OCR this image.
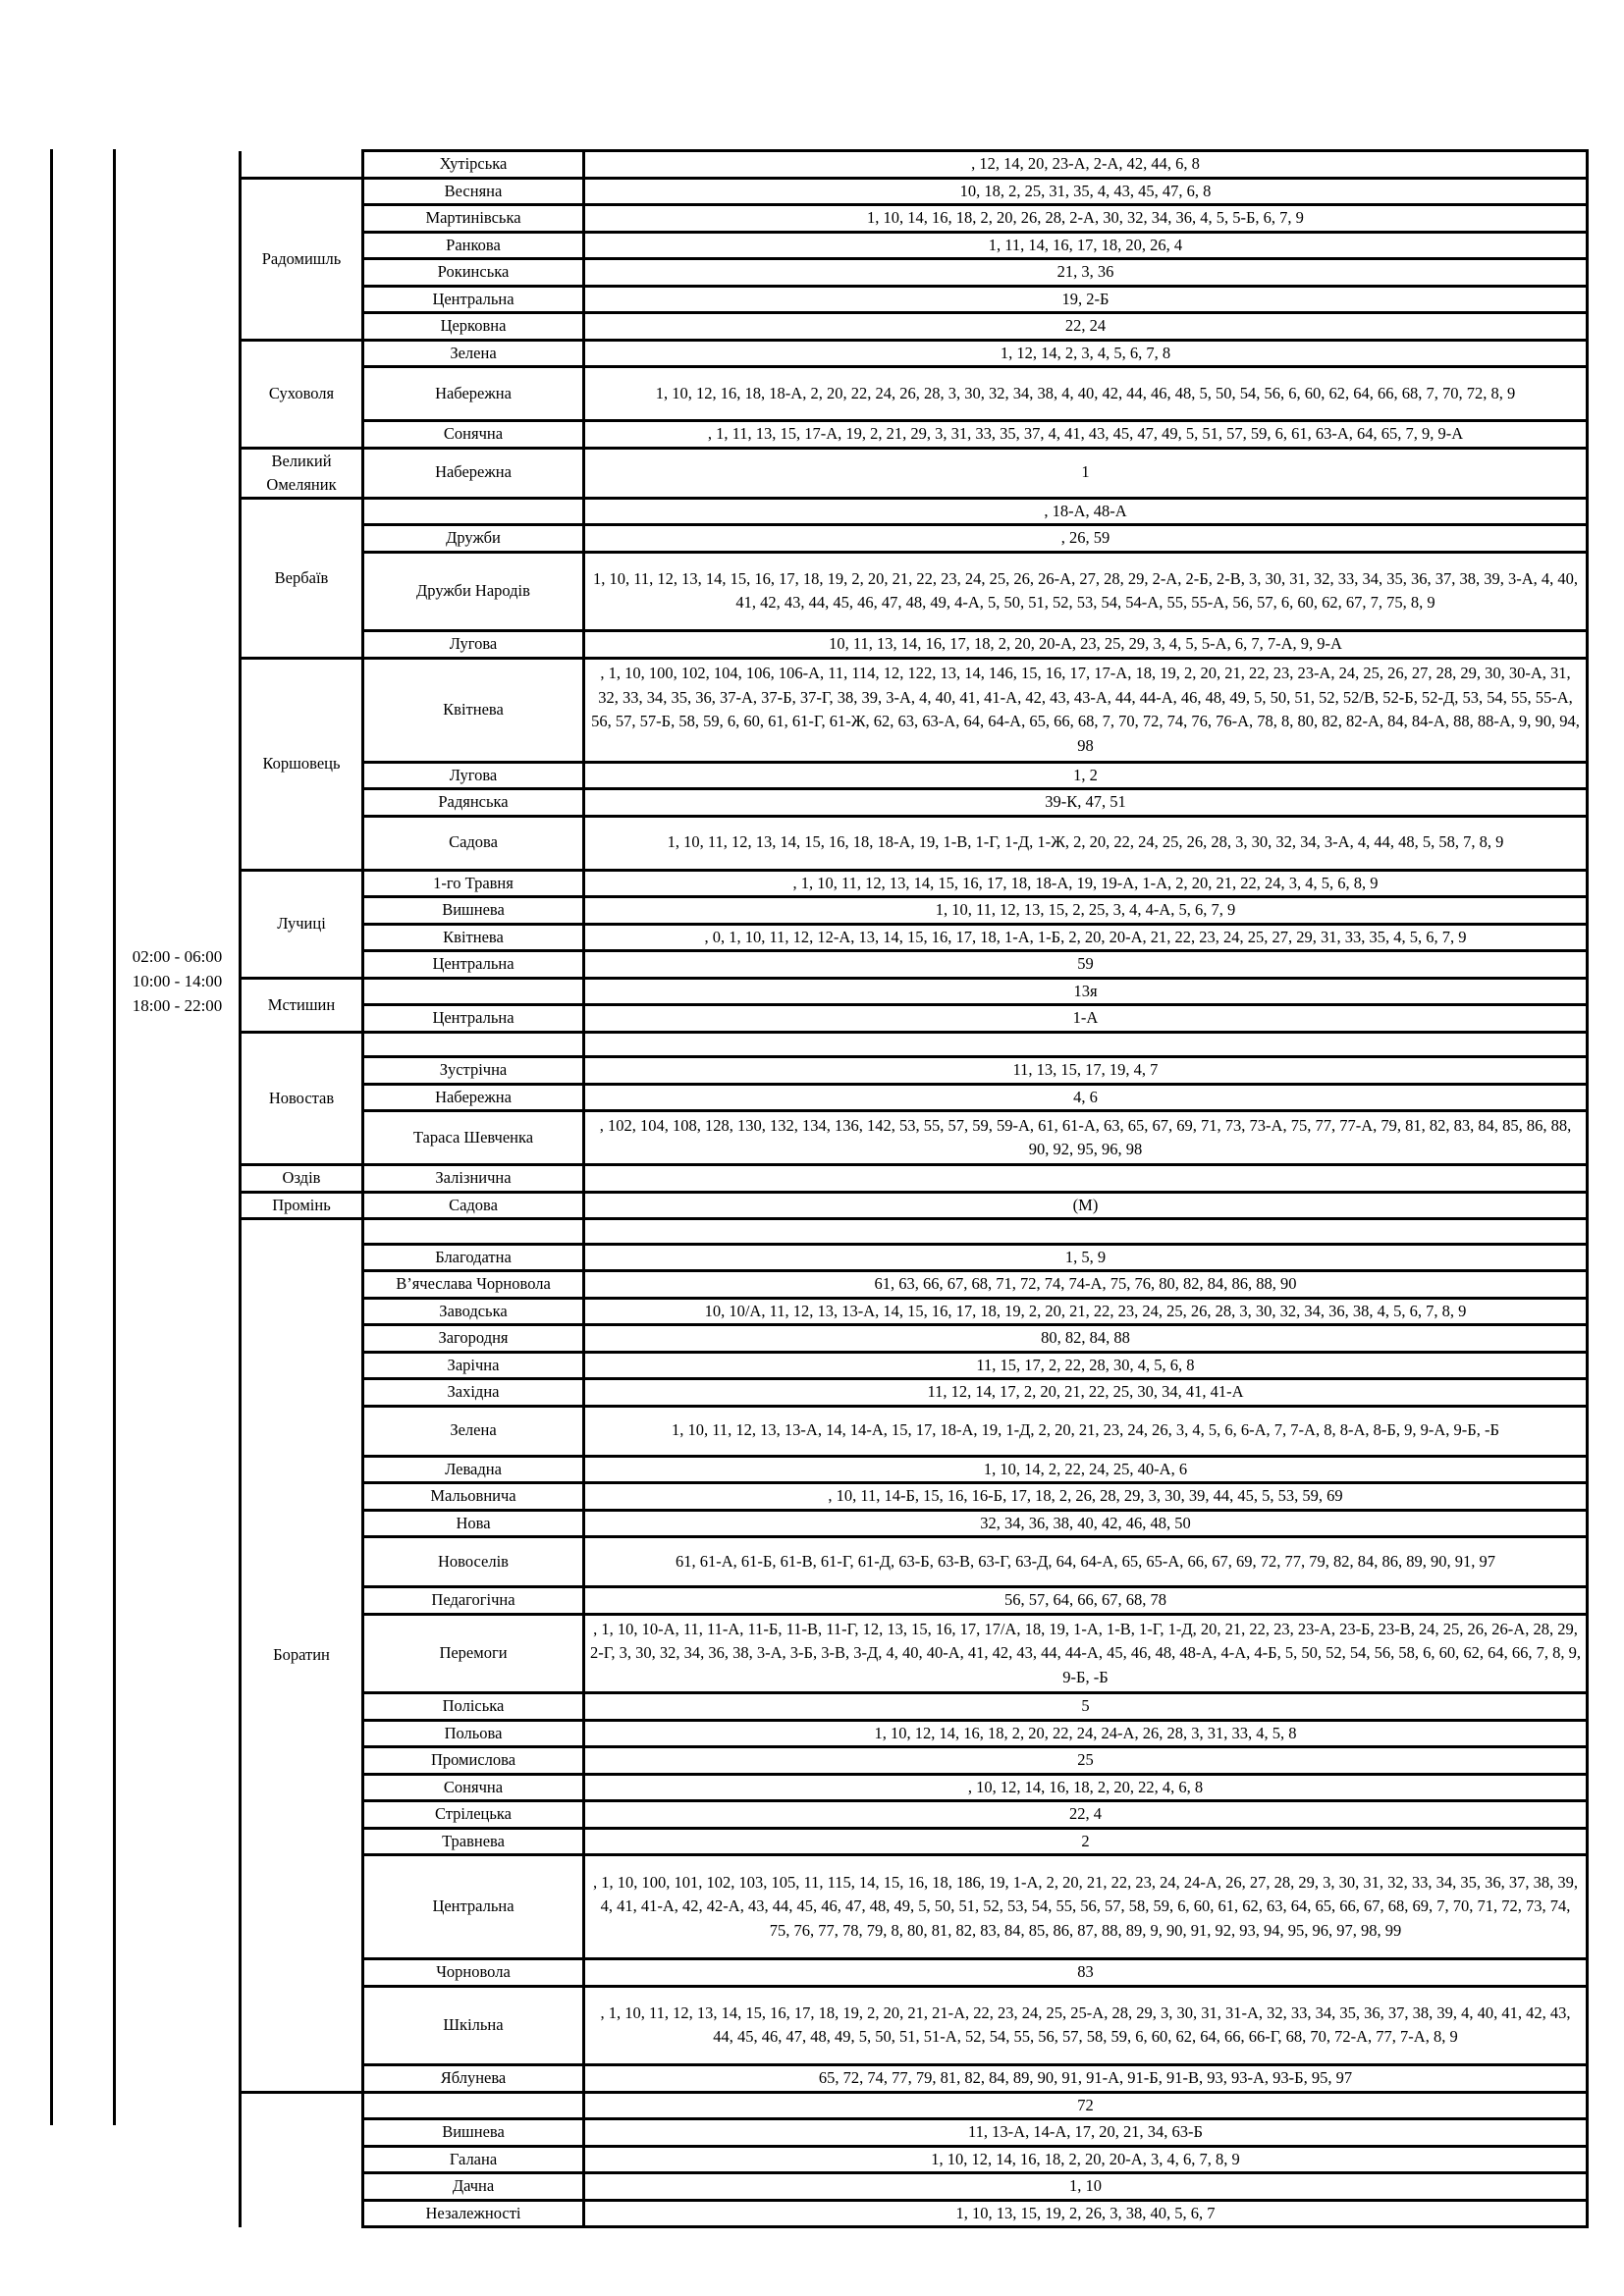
02:00 - 06:00
10:00 - 14:00
18:00 - 22:00
	Хутірська	, 12, 14, 20, 23-А, 2-А, 42, 44, 6, 8
Радомишль	Весняна	10, 18, 2, 25, 31, 35, 4, 43, 45, 47, 6, 8
	Мартинівська	1, 10, 14, 16, 18, 2, 20, 26, 28, 2-А, 30, 32, 34, 36, 4, 5, 5-Б, 6, 7, 9
	Ранкова	1, 11, 14, 16, 17, 18, 20, 26, 4
	Рокинська	21, 3, 36
	Центральна	19, 2-Б
	Церковна	22, 24
Суховоля	Зелена	1, 12, 14, 2, 3, 4, 5, 6, 7, 8
	Набережна	1, 10, 12, 16, 18, 18-А, 2, 20, 22, 24, 26, 28, 3, 30, 32, 34, 38, 4, 40, 42, 44, 46, 48, 5, 50, 54, 56, 6, 60, 62, 64, 66, 68, 7, 70, 72, 8, 9
	Сонячна	, 1, 11, 13, 15, 17-А, 19, 2, 21, 29, 3, 31, 33, 35, 37, 4, 41, 43, 45, 47, 49, 5, 51, 57, 59, 6, 61, 63-А, 64, 65, 7, 9, 9-А
Великий Омеляник	Набережна	1
Вербаїв		, 18-А, 48-А
	Дружби	, 26, 59
	Дружби Народів	1, 10, 11, 12, 13, 14, 15, 16, 17, 18, 19, 2, 20, 21, 22, 23, 24, 25, 26, 26-А, 27, 28, 29, 2-А, 2-Б, 2-В, 3, 30, 31, 32, 33, 34, 35, 36, 37, 38, 39, 3-А, 4, 40, 41, 42, 43, 44, 45, 46, 47, 48, 49, 4-А, 5, 50, 51, 52, 53, 54, 54-А, 55, 55-А, 56, 57, 6, 60, 62, 67, 7, 75, 8, 9
	Лугова	10, 11, 13, 14, 16, 17, 18, 2, 20, 20-А, 23, 25, 29, 3, 4, 5, 5-А, 6, 7, 7-А, 9, 9-А
Коршовець	Квітнева	, 1, 10, 100, 102, 104, 106, 106-А, 11, 114, 12, 122, 13, 14, 146, 15, 16, 17, 17-А, 18, 19, 2, 20, 21, 22, 23, 23-А, 24, 25, 26, 27, 28, 29, 30, 30-А, 31, 32, 33, 34, 35, 36, 37-А, 37-Б, 37-Г, 38, 39, 3-А, 4, 40, 41, 41-А, 42, 43, 43-А, 44, 44-А, 46, 48, 49, 5, 50, 51, 52, 52/В, 52-Б, 52-Д, 53, 54, 55, 55-А, 56, 57, 57-Б, 58, 59, 6, 60, 61, 61-Г, 61-Ж, 62, 63, 63-А, 64, 64-А, 65, 66, 68, 7, 70, 72, 74, 76, 76-А, 78, 8, 80, 82, 82-А, 84, 84-А, 88, 88-А, 9, 90, 94, 98
	Лугова	1, 2
	Радянська	39-К, 47, 51
	Садова	1, 10, 11, 12, 13, 14, 15, 16, 18, 18-А, 19, 1-В, 1-Г, 1-Д, 1-Ж, 2, 20, 22, 24, 25, 26, 28, 3, 30, 32, 34, 3-А, 4, 44, 48, 5, 58, 7, 8, 9
Лучиці	1-го Травня	, 1, 10, 11, 12, 13, 14, 15, 16, 17, 18, 18-А, 19, 19-А, 1-А, 2, 20, 21, 22, 24, 3, 4, 5, 6, 8, 9
	Вишнева	1, 10, 11, 12, 13, 15, 2, 25, 3, 4, 4-А, 5, 6, 7, 9
	Квітнева	, 0, 1, 10, 11, 12, 12-А, 13, 14, 15, 16, 17, 18, 1-А, 1-Б, 2, 20, 20-А, 21, 22, 23, 24, 25, 27, 29, 31, 33, 35, 4, 5, 6, 7, 9
	Центральна	59
Мстишин		13я
	Центральна	1-А
Новостав		
	Зустрічна	11, 13, 15, 17, 19, 4, 7
	Набережна	4, 6
	Тараса Шевченка	, 102, 104, 108, 128, 130, 132, 134, 136, 142, 53, 55, 57, 59, 59-А, 61, 61-А, 63, 65, 67, 69, 71, 73, 73-А, 75, 77, 77-А, 79, 81, 82, 83, 84, 85, 86, 88, 90, 92, 95, 96, 98
Оздів	Залізнична	
Промінь	Садова	(М)
Боратин		
	Благодатна	1, 5, 9
	В’ячеслава Чорновола	61, 63, 66, 67, 68, 71, 72, 74, 74-А, 75, 76, 80, 82, 84, 86, 88, 90
	Заводська	10, 10/А, 11, 12, 13, 13-А, 14, 15, 16, 17, 18, 19, 2, 20, 21, 22, 23, 24, 25, 26, 28, 3, 30, 32, 34, 36, 38, 4, 5, 6, 7, 8, 9
	Загородня	80, 82, 84, 88
	Зарічна	11, 15, 17, 2, 22, 28, 30, 4, 5, 6, 8
	Західна	11, 12, 14, 17, 2, 20, 21, 22, 25, 30, 34, 41, 41-А
	Зелена	1, 10, 11, 12, 13, 13-А, 14, 14-А, 15, 17, 18-А, 19, 1-Д, 2, 20, 21, 23, 24, 26, 3, 4, 5, 6, 6-А, 7, 7-А, 8, 8-А, 8-Б, 9, 9-А, 9-Б, -Б
	Левадна	1, 10, 14, 2, 22, 24, 25, 40-А, 6
	Мальовнича	, 10, 11, 14-Б, 15, 16, 16-Б, 17, 18, 2, 26, 28, 29, 3, 30, 39, 44, 45, 5, 53, 59, 69
	Нова	32, 34, 36, 38, 40, 42, 46, 48, 50
	Новоселів	61, 61-А, 61-Б, 61-В, 61-Г, 61-Д, 63-Б, 63-В, 63-Г, 63-Д, 64, 64-А, 65, 65-А, 66, 67, 69, 72, 77, 79, 82, 84, 86, 89, 90, 91, 97
	Педагогічна	56, 57, 64, 66, 67, 68, 78
	Перемоги	, 1, 10, 10-А, 11, 11-А, 11-Б, 11-В, 11-Г, 12, 13, 15, 16, 17, 17/А, 18, 19, 1-А, 1-В, 1-Г, 1-Д, 20, 21, 22, 23, 23-А, 23-Б, 23-В, 24, 25, 26, 26-А, 28, 29, 2-Г, 3, 30, 32, 34, 36, 38, 3-А, 3-Б, 3-В, 3-Д, 4, 40, 40-А, 41, 42, 43, 44, 44-А, 45, 46, 48, 48-А, 4-А, 4-Б, 5, 50, 52, 54, 56, 58, 6, 60, 62, 64, 66, 7, 8, 9, 9-Б, -Б
	Поліська	5
	Польова	1, 10, 12, 14, 16, 18, 2, 20, 22, 24, 24-А, 26, 28, 3, 31, 33, 4, 5, 8
	Промислова	25
	Сонячна	, 10, 12, 14, 16, 18, 2, 20, 22, 4, 6, 8
	Стрілецька	22, 4
	Травнева	2
	Центральна	, 1, 10, 100, 101, 102, 103, 105, 11, 115, 14, 15, 16, 18, 186, 19, 1-А, 2, 20, 21, 22, 23, 24, 24-А, 26, 27, 28, 29, 3, 30, 31, 32, 33, 34, 35, 36, 37, 38, 39, 4, 41, 41-А, 42, 42-А, 43, 44, 45, 46, 47, 48, 49, 5, 50, 51, 52, 53, 54, 55, 56, 57, 58, 59, 6, 60, 61, 62, 63, 64, 65, 66, 67, 68, 69, 7, 70, 71, 72, 73, 74, 75, 76, 77, 78, 79, 8, 80, 81, 82, 83, 84, 85, 86, 87, 88, 89, 9, 90, 91, 92, 93, 94, 95, 96, 97, 98, 99
	Чорновола	83
	Шкільна	, 1, 10, 11, 12, 13, 14, 15, 16, 17, 18, 19, 2, 20, 21, 21-А, 22, 23, 24, 25, 25-А, 28, 29, 3, 30, 31, 31-А, 32, 33, 34, 35, 36, 37, 38, 39, 4, 40, 41, 42, 43, 44, 45, 46, 47, 48, 49, 5, 50, 51, 51-А, 52, 54, 55, 56, 57, 58, 59, 6, 60, 62, 64, 66, 66-Г, 68, 70, 72-А, 77, 7-А, 8, 9
	Яблунева	65, 72, 74, 77, 79, 81, 82, 84, 89, 90, 91, 91-А, 91-Б, 91-В, 93, 93-А, 93-Б, 95, 97
		72
	Вишнева	11, 13-А, 14-А, 17, 20, 21, 34, 63-Б
	Галана	1, 10, 12, 14, 16, 18, 2, 20, 20-А, 3, 4, 6, 7, 8, 9
	Дачна	1, 10
	Незалежності	1, 10, 13, 15, 19, 2, 26, 3, 38, 40, 5, 6, 7
